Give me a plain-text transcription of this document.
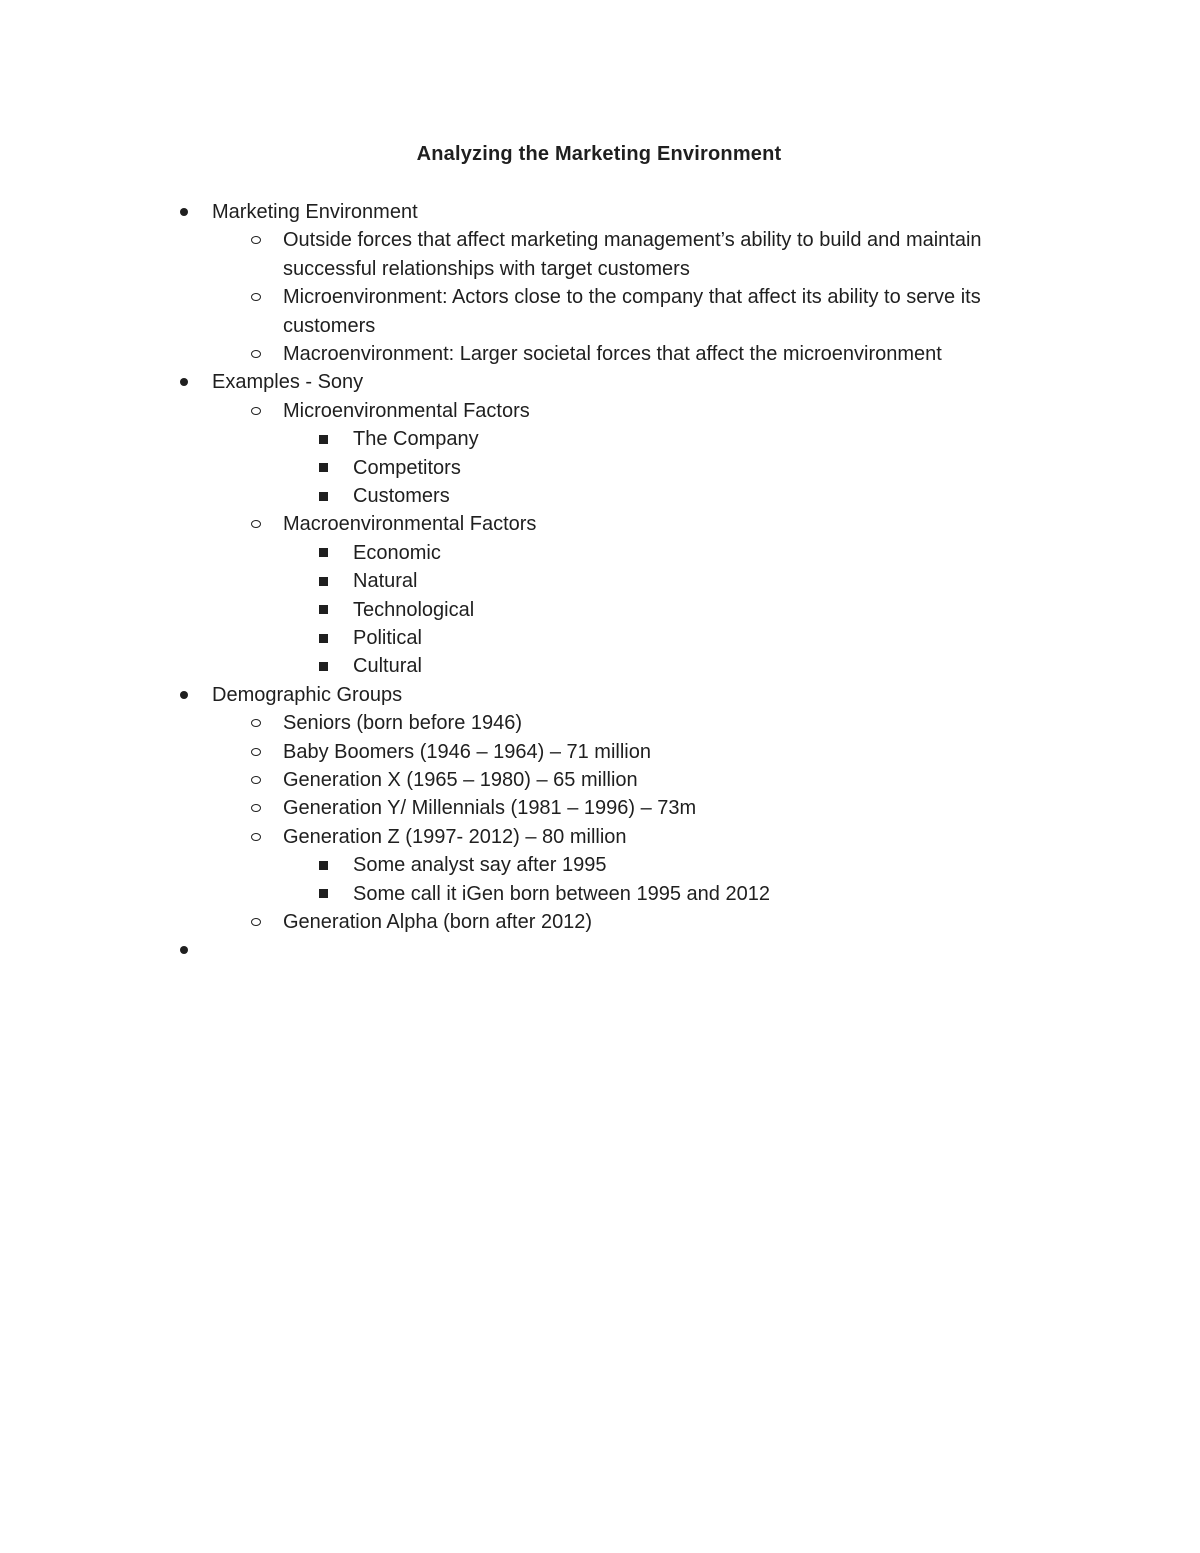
Analyzing the Marketing Environment
Marketing Environment
Outside forces that affect marketing management’s ability to build and maintain
successful relationships with target customers
Microenvironment: Actors close to the company that affect its ability to serve its
customers
Macroenvironment: Larger societal forces that affect the microenvironment
Examples - Sony
Microenvironmental Factors
The Company
Competitors
Customers
Macroenvironmental Factors
Economic
Natural
Technological
Political
Cultural
Demographic Groups
Seniors (born before 1946)
Baby Boomers (1946 – 1964) – 71 million
Generation X (1965 – 1980) – 65 million
Generation Y/ Millennials (1981 – 1996) – 73m
Generation Z (1997- 2012) – 80 million
Some analyst say after 1995
Some call it iGen born between 1995 and 2012
Generation Alpha (born after 2012)
